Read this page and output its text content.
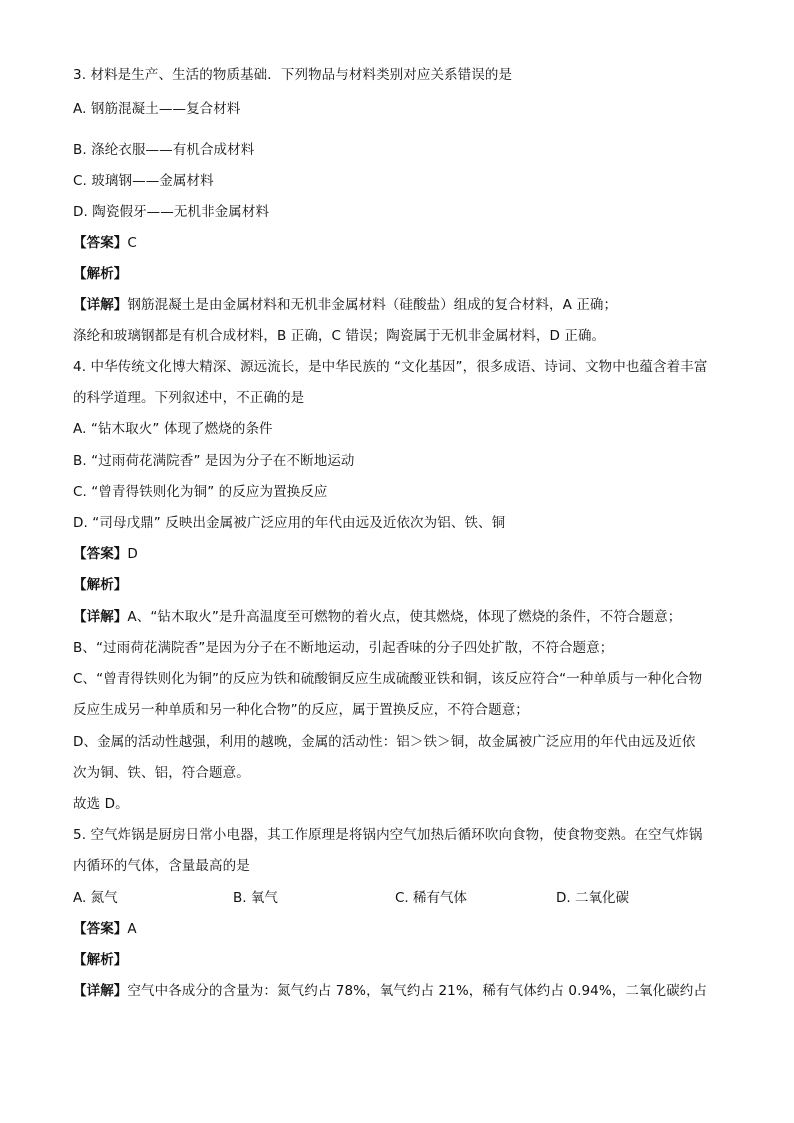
3. 材料是生产、生活的物质基础．下列物品与材料类别对应关系错误的是
A. 钢筋混凝土——复合材料
B. 涤纶衣服——有机合成材料
C. 玻璃钢——金属材料
D. 陶瓷假牙——无机非金属材料
【答案】C
【解析】
【详解】钢筋混凝土是由金属材料和无机非金属材料（硅酸盐）组成的复合材料，A 正确；
涤纶和玻璃钢都是有机合成材料，B 正确，C 错误；陶瓷属于无机非金属材料，D 正确。
4. 中华传统文化博大精深、源远流长，是中华民族的 “文化基因”，很多成语、诗词、文物中也蕴含着丰富
的科学道理。下列叙述中，不正确的是
A. “钻木取火” 体现了燃烧的条件
B. “过雨荷花满院香” 是因为分子在不断地运动
C. “曾青得铁则化为铜” 的反应为置换反应
D. “司母戊鼎” 反映出金属被广泛应用的年代由远及近依次为铝、铁、铜
【答案】D
【解析】
【详解】A、“钻木取火”是升高温度至可燃物的着火点，使其燃烧，体现了燃烧的条件，不符合题意；
B、“过雨荷花满院香”是因为分子在不断地运动，引起香味的分子四处扩散，不符合题意；
C、“曾青得铁则化为铜”的反应为铁和硫酸铜反应生成硫酸亚铁和铜，该反应符合“一种单质与一种化合物
反应生成另一种单质和另一种化合物”的反应，属于置换反应，不符合题意；
D、金属的活动性越强，利用的越晚，金属的活动性：铝＞铁＞铜，故金属被广泛应用的年代由远及近依
次为铜、铁、铝，符合题意。
故选 D。
5. 空气炸锅是厨房日常小电器，其工作原理是将锅内空气加热后循环吹向食物，使食物变熟。在空气炸锅
内循环的气体，含量最高的是
A. 氮气	B. 氧气	C. 稀有气体	D. 二氧化碳
【答案】A
【解析】
【详解】空气中各成分的含量为：氮气约占 78%，氧气约占 21%，稀有气体约占 0.94%，二氧化碳约占
